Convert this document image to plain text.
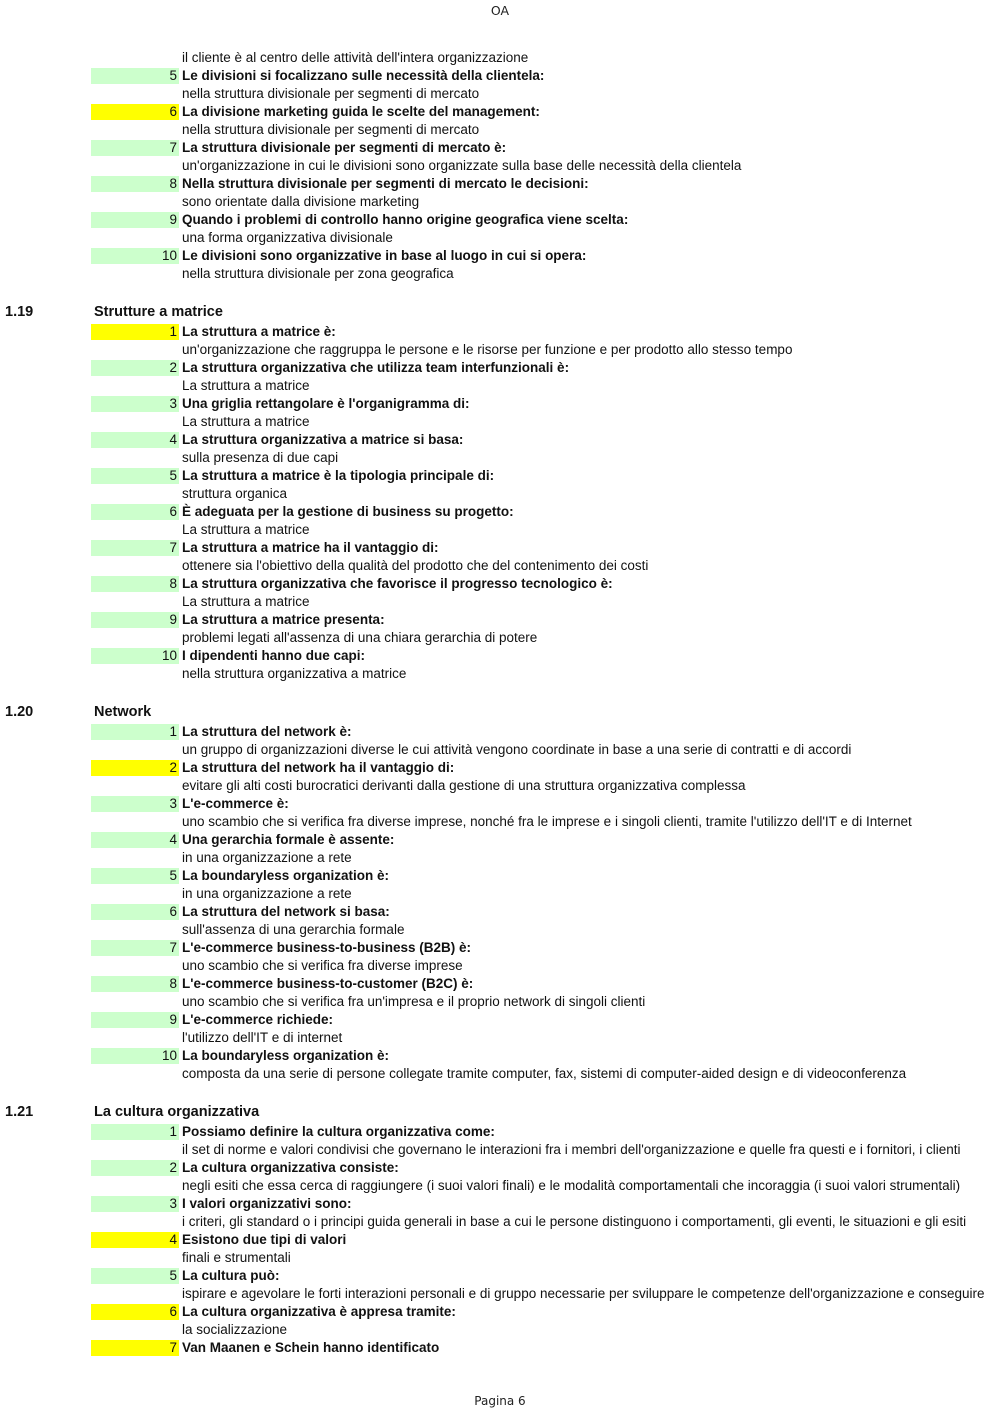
OA
il cliente è al centro delle attività dell'intera organizzazione
5 Le divisioni si focalizzano sulle necessità della clientela:
nella struttura divisionale per segmenti di mercato
6 La divisione marketing guida le scelte del management:
nella struttura divisionale per segmenti di mercato
7 La struttura divisionale per segmenti di mercato è:
un'organizzazione in cui le divisioni sono organizzate sulla base delle necessità della clientela
8 Nella struttura divisionale per segmenti di mercato le decisioni:
sono orientate dalla divisione marketing
9 Quando i problemi di controllo hanno origine geografica viene scelta:
una forma organizzativa divisionale
10 Le divisioni sono organizzative in base al luogo in cui si opera:
nella struttura divisionale per zona geografica
1.19	Strutture a matrice
1 La struttura a matrice è:
un'organizzazione che raggruppa le persone e le risorse per funzione e per prodotto allo stesso tempo
2 La struttura organizzativa che utilizza team interfunzionali è:
La struttura a matrice
3 Una griglia rettangolare è l'organigramma di:
La struttura a matrice
4 La struttura organizzativa a matrice si basa:
sulla presenza di due capi
5 La struttura a matrice è la tipologia principale di:
struttura organica
6 È adeguata per la gestione di business su progetto:
La struttura a matrice
7 La struttura a matrice ha il vantaggio di:
ottenere sia l'obiettivo della qualità del prodotto che del contenimento dei costi
8 La struttura organizzativa che favorisce il progresso tecnologico è:
La struttura a matrice
9 La struttura a matrice presenta:
problemi legati all'assenza di una chiara gerarchia di potere
10 I dipendenti hanno due capi:
nella struttura organizzativa a matrice
1.20	Network
1 La struttura del network è:
un gruppo di organizzazioni diverse le cui attività vengono coordinate in base a una serie di contratti e di accordi
2 La struttura del network ha il vantaggio di:
evitare gli alti costi burocratici derivanti dalla gestione di una struttura organizzativa complessa
3 L'e-commerce è:
uno scambio che si verifica fra diverse imprese, nonché fra le imprese e i singoli clienti, tramite l'utilizzo dell'IT e di Internet
4 Una gerarchia formale è assente:
in una organizzazione a rete
5 La boundaryless organization è:
in una organizzazione a rete
6 La struttura del network si basa:
sull'assenza di una gerarchia formale
7 L'e-commerce business-to-business (B2B) è:
uno scambio che si verifica fra diverse imprese
8 L'e-commerce business-to-customer (B2C) è:
uno scambio che si verifica fra un'impresa e il proprio network di singoli clienti
9 L'e-commerce richiede:
l'utilizzo dell'IT e di internet
10 La boundaryless organization è:
composta da una serie di persone collegate tramite computer, fax, sistemi di computer-aided design e di videoconferenza
1.21	La cultura organizzativa
1 Possiamo definire la cultura organizzativa come:
il set di norme e valori condivisi che governano le interazioni fra i membri dell'organizzazione e quelle fra questi e i fornitori, i clienti
2 La cultura organizzativa consiste:
negli esiti che essa cerca di raggiungere (i suoi valori finali) e le modalità comportamentali che incoraggia (i suoi valori strumentali)
3 I valori organizzativi sono:
i criteri, gli standard o i principi guida generali in base a cui le persone distinguono i comportamenti, gli eventi, le situazioni e gli esiti
4 Esistono due tipi di valori
finali e strumentali
5 La cultura può:
ispirare e agevolare le forti interazioni personali e di gruppo necessarie per sviluppare le competenze dell'organizzazione e conseguire
6 La cultura organizzativa è appresa tramite:
la socializzazione
7 Van Maanen e Schein hanno identificato
Pagina 6
